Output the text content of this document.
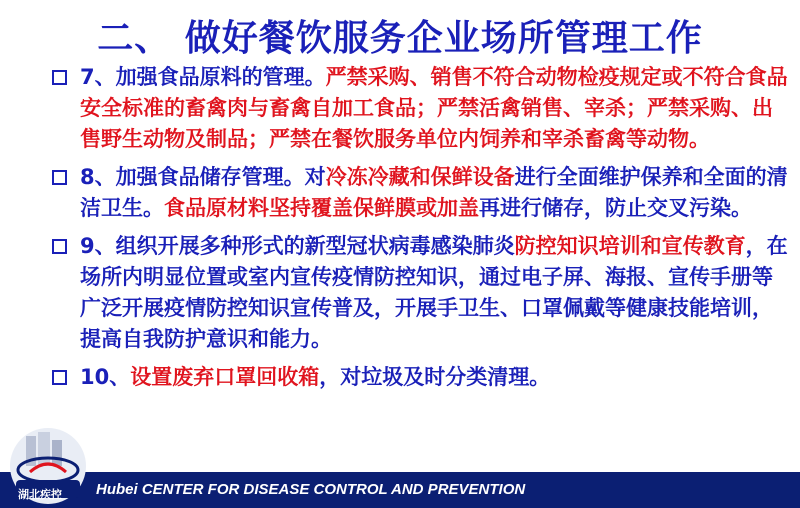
二、 做好餐饮服务企业场所管理工作
7、加强食品原料的管理。严禁采购、销售不符合动物检疫规定或不符合食品安全标准的畜禽肉与畜禽自加工食品；严禁活禽销售、宰杀；严禁采购、出售野生动物及制品；严禁在餐饮服务单位内饲养和宰杀畜禽等动物。
8、加强食品储存管理。对冷冻冷藏和保鲜设备进行全面维护保养和全面的清洁卫生。食品原材料坚持覆盖保鲜膜或加盖再进行储存，防止交叉污染。
9、组织开展多种形式的新型冠状病毒感染肺炎防控知识培训和宣传教育，在场所内明显位置或室内宣传疫情防控知识，通过电子屏、海报、宣传手册等广泛开展疫情防控知识宣传普及，开展手卫生、口罩佩戴等健康技能培训，提高自我防护意识和能力。
10、设置废弃口罩回收箱，对垃圾及时分类清理。
Hubei CENTER FOR DISEASE CONTROL AND PREVENTION
湖北疾控
